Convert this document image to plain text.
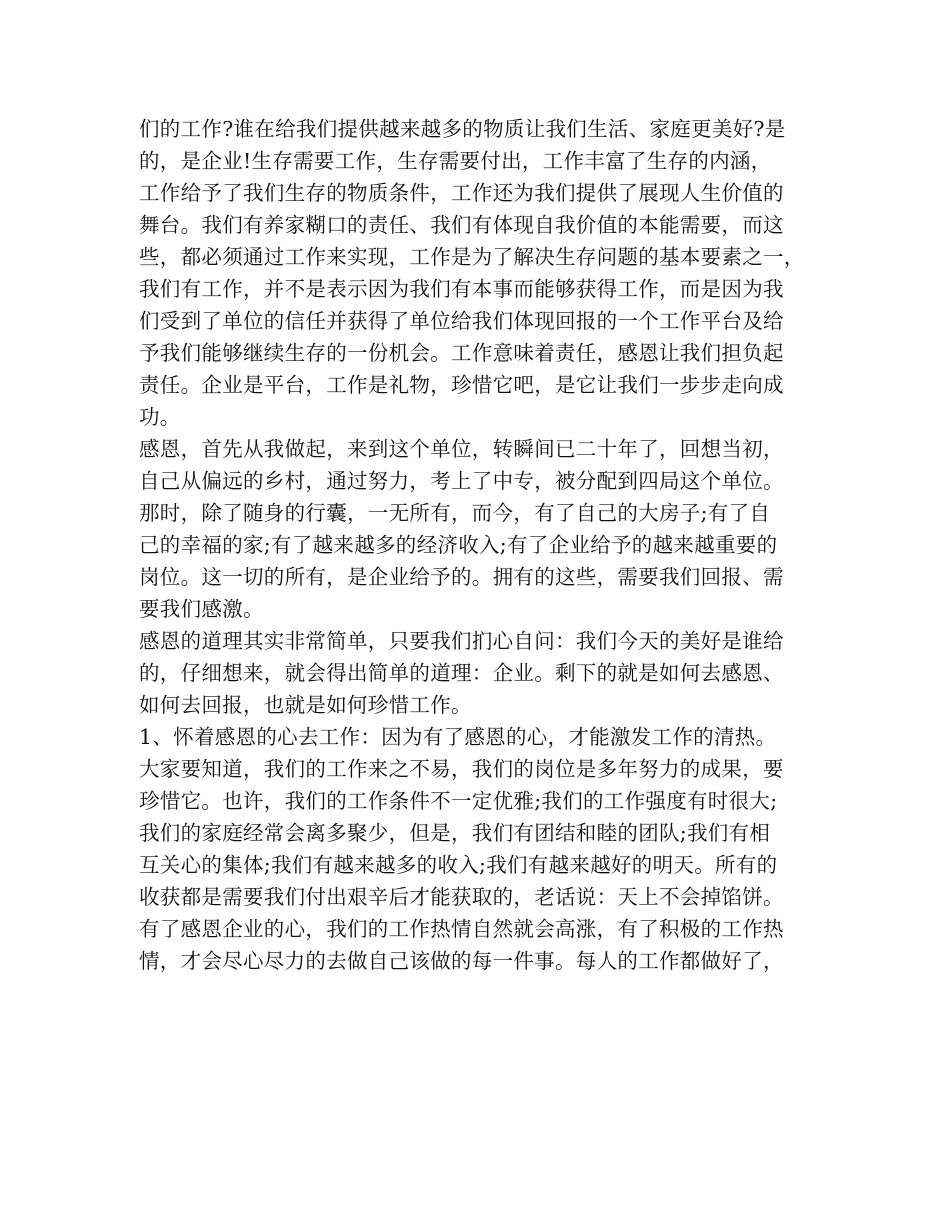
们的工作?谁在给我们提供越来越多的物质让我们生活、家庭更美好?是
的，是企业!生存需要工作，生存需要付出，工作丰富了生存的内涵，
工作给予了我们生存的物质条件，工作还为我们提供了展现人生价值的
舞台。我们有养家糊口的责任、我们有体现自我价值的本能需要，而这
些，都必须通过工作来实现，工作是为了解决生存问题的基本要素之一，
我们有工作，并不是表示因为我们有本事而能够获得工作，而是因为我
们受到了单位的信任并获得了单位给我们体现回报的一个工作平台及给
予我们能够继续生存的一份机会。工作意味着责任，感恩让我们担负起
责任。企业是平台，工作是礼物，珍惜它吧，是它让我们一步步走向成
功。
感恩，首先从我做起，来到这个单位，转瞬间已二十年了，回想当初，
自己从偏远的乡村，通过努力，考上了中专，被分配到四局这个单位。
那时，除了随身的行囊，一无所有，而今，有了自己的大房子;有了自
己的幸福的家;有了越来越多的经济收入;有了企业给予的越来越重要的
岗位。这一切的所有，是企业给予的。拥有的这些，需要我们回报、需
要我们感激。
感恩的道理其实非常简单，只要我们扪心自问：我们今天的美好是谁给
的，仔细想来，就会得出简单的道理：企业。剩下的就是如何去感恩、
如何去回报，也就是如何珍惜工作。
1、怀着感恩的心去工作：因为有了感恩的心，才能激发工作的清热。
大家要知道，我们的工作来之不易，我们的岗位是多年努力的成果，要
珍惜它。也许，我们的工作条件不一定优雅;我们的工作强度有时很大;
我们的家庭经常会离多聚少，但是，我们有团结和睦的团队;我们有相
互关心的集体;我们有越来越多的收入;我们有越来越好的明天。所有的
收获都是需要我们付出艰辛后才能获取的，老话说：天上不会掉馅饼。
有了感恩企业的心，我们的工作热情自然就会高涨，有了积极的工作热
情，才会尽心尽力的去做自己该做的每一件事。每人的工作都做好了，
